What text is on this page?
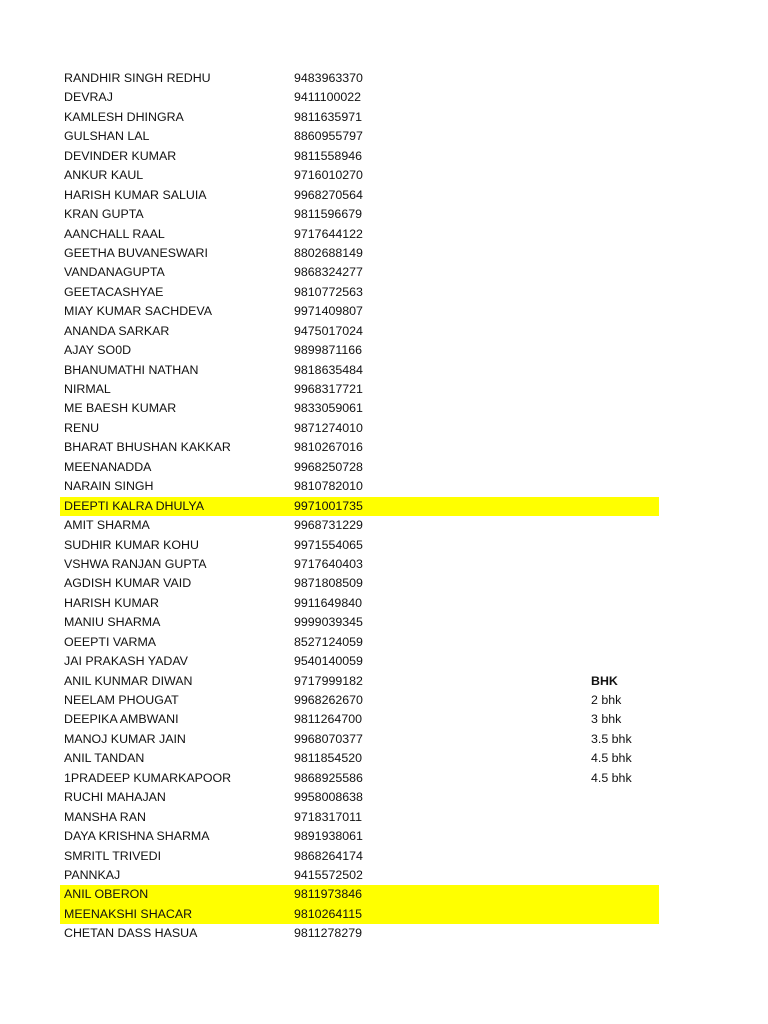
RANDHIR SINGH REDHU	9483963370
DEVRAJ	9411100022
KAMLESH DHINGRA	9811635971
GULSHAN LAL	8860955797
DEVINDER KUMAR	9811558946
ANKUR KAUL	9716010270
HARISH KUMAR SALUIA	9968270564
KRAN GUPTA	9811596679
AANCHALL RAAL	9717644122
GEETHA BUVANESWARI	8802688149
VANDANAGUPTA	9868324277
GEETACASHYAE	9810772563
MIAY KUMAR SACHDEVA	9971409807
ANANDA SARKAR	9475017024
AJAY SO0D	9899871166
BHANUMATHI NATHAN	9818635484
NIRMAL	9968317721
ME BAESH KUMAR	9833059061
RENU	9871274010
BHARAT BHUSHAN KAKKAR	9810267016
MEENANADDA	9968250728
NARAIN SINGH	9810782010
DEEPTI KALRA DHULYA	9971001735
AMIT SHARMA	9968731229
SUDHIR KUMAR KOHU	9971554065
VSHWA RANJAN GUPTA	9717640403
AGDISH KUMAR VAID	9871808509
HARISH KUMAR	9911649840
MANIU SHARMA	9999039345
OEEPTI VARMA	8527124059
JAI PRAKASH YADAV	9540140059
ANIL KUNMAR DIWAN	9717999182	BHK
NEELAM PHOUGAT	9968262670	2 bhk
DEEPIKA AMBWANI	9811264700	3 bhk
MANOJ KUMAR JAIN	9968070377	3.5 bhk
ANIL TANDAN	9811854520	4.5 bhk
1PRADEEP KUMARKAPOOR	9868925586	4.5 bhk
RUCHI MAHAJAN	9958008638
MANSHA RAN	9718317011
DAYA KRISHNA SHARMA	9891938061
SMRITL TRIVEDI	9868264174
PANNKAJ	9415572502
ANIL OBERON	9811973846
MEENAKSHI SHACAR	9810264115
CHETAN DASS HASUA	9811278279
